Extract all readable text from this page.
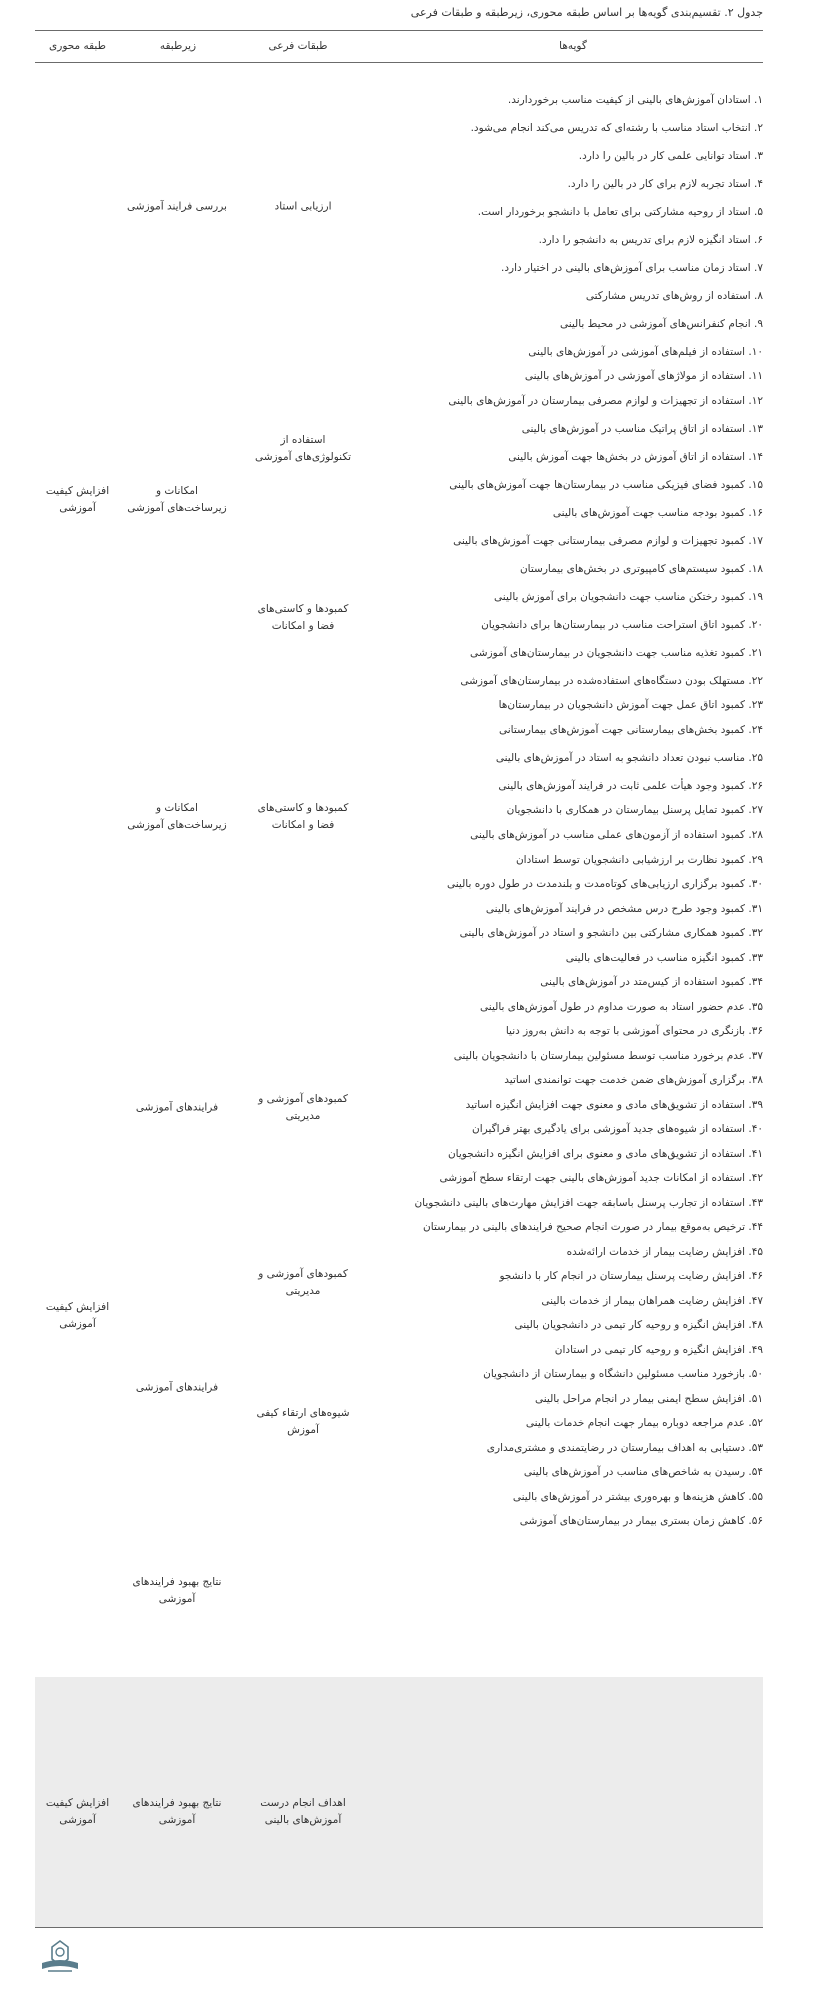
جدول ۲. تقسیم‌بندی گویه‌ها بر اساس طبقه محوری، زیرطبقه و طبقات فرعی
گویه‌ها
طبقات فرعی
زیرطبقه
طبقه محوری
افزایش کیفیت آموزشی
افزایش کیفیت آموزشی
افزایش کیفیت آموزشی
بررسی فرایند آموزشی
امکانات و زیرساخت‌های آموزشی
امکانات و زیرساخت‌های آموزشی
فرایندهای آموزشی
فرایندهای آموزشی
نتایج بهبود فرایندهای آموزشی
نتایج بهبود فرایندهای آموزشی
ارزیابی استاد
استفاده از تکنولوژی‌های آموزشی
کمبودها و کاستی‌های فضا و امکانات
کمبودها و کاستی‌های فضا و امکانات
کمبودهای آموزشی و مدیریتی
کمبودهای آموزشی و مدیریتی
شیوه‌های ارتقاء کیفی آموزش
اهداف انجام درست آموزش‌های بالینی
۱. استادان آموزش‌های بالینی از کیفیت مناسب برخوردارند.
۲. انتخاب استاد مناسب با رشته‌ای که تدریس می‌کند انجام می‌شود.
۳. استاد توانایی علمی کار در بالین را دارد.
۴. استاد تجربه لازم برای کار در بالین را دارد.
۵. استاد از روحیه مشارکتی برای تعامل با دانشجو برخوردار است.
۶. استاد انگیزه لازم برای تدریس به دانشجو را دارد.
۷. استاد زمان مناسب برای آموزش‌های بالینی در اختیار دارد.
۸. استفاده از روش‌های تدریس مشارکتی
۹. انجام کنفرانس‌های آموزشی در محیط بالینی
۱۰. استفاده از فیلم‌های آموزشی در آموزش‌های بالینی
۱۱. استفاده از مولاژهای آموزشی در آموزش‌های بالینی
۱۲. استفاده از تجهیزات و لوازم مصرفی بیمارستان در آموزش‌های بالینی
۱۳. استفاده از اتاق پراتیک مناسب در آموزش‌های بالینی
۱۴. استفاده از اتاق آموزش در بخش‌ها جهت آموزش بالینی
۱۵. کمبود فضای فیزیکی مناسب در بیمارستان‌ها جهت آموزش‌های بالینی
۱۶. کمبود بودجه مناسب جهت آموزش‌های بالینی
۱۷. کمبود تجهیزات و لوازم مصرفی بیمارستانی جهت آموزش‌های بالینی
۱۸. کمبود سیستم‌های کامپیوتری در بخش‌های بیمارستان
۱۹. کمبود رختکن مناسب جهت دانشجویان برای آموزش بالینی
۲۰. کمبود اتاق استراحت مناسب در بیمارستان‌ها برای دانشجویان
۲۱. کمبود تغذیه مناسب جهت دانشجویان در بیمارستان‌های آموزشی
۲۲. مستهلک بودن دستگاه‌های استفاده‌شده در بیمارستان‌های آموزشی
۲۳. کمبود اتاق عمل جهت آموزش دانشجویان در بیمارستان‌ها
۲۴. کمبود بخش‌های بیمارستانی جهت آموزش‌های بیمارستانی
۲۵. مناسب نبودن تعداد دانشجو به استاد در آموزش‌های بالینی
۲۶. کمبود وجود هیأت علمی ثابت در فرایند آموزش‌های بالینی
۲۷. کمبود تمایل پرسنل بیمارستان در همکاری با دانشجویان
۲۸. کمبود استفاده از آزمون‌های عملی مناسب در آموزش‌های بالینی
۲۹. کمبود نظارت بر ارزشیابی دانشجویان توسط استادان
۳۰. کمبود برگزاری ارزیابی‌های کوتاه‌مدت و بلندمدت در طول دوره بالینی
۳۱. کمبود وجود طرح درس مشخص در فرایند آموزش‌های بالینی
۳۲. کمبود همکاری مشارکتی بین دانشجو و استاد در آموزش‌های بالینی
۳۳. کمبود انگیزه مناسب در فعالیت‌های بالینی
۳۴. کمبود استفاده از کیس‌متد در آموزش‌های بالینی
۳۵. عدم حضور استاد به صورت مداوم در طول آموزش‌های بالینی
۳۶. بازنگری در محتوای آموزشی با توجه به دانش به‌روز دنیا
۳۷. عدم برخورد مناسب توسط مسئولین بیمارستان با دانشجویان بالینی
۳۸. برگزاری آموزش‌های ضمن خدمت جهت توانمندی اساتید
۳۹. استفاده از تشویق‌های مادی و معنوی جهت افزایش انگیزه اساتید
۴۰. استفاده از شیوه‌های جدید آموزشی برای یادگیری بهتر فراگیران
۴۱. استفاده از تشویق‌های مادی و معنوی برای افزایش انگیزه دانشجویان
۴۲. استفاده از امکانات جدید آموزش‌های بالینی جهت ارتقاء سطح آموزشی
۴۳. استفاده از تجارب پرسنل باسابقه جهت افزایش مهارت‌های بالینی دانشجویان
۴۴. ترخیص به‌موقع بیمار در صورت انجام صحیح فرایندهای بالینی در بیمارستان
۴۵. افزایش رضایت بیمار از خدمات ارائه‌شده
۴۶. افزایش رضایت پرسنل بیمارستان در انجام کار با دانشجو
۴۷. افزایش رضایت همراهان بیمار از خدمات بالینی
۴۸. افزایش انگیزه و روحیه کار تیمی در دانشجویان بالینی
۴۹. افزایش انگیزه و روحیه کار تیمی در استادان
۵۰. بازخورد مناسب مسئولین دانشگاه و بیمارستان از دانشجویان
۵۱. افزایش سطح ایمنی بیمار در انجام مراحل بالینی
۵۲. عدم مراجعه دوباره بیمار جهت انجام خدمات بالینی
۵۳. دستیابی به اهداف بیمارستان در رضایتمندی و مشتری‌مداری
۵۴. رسیدن به شاخص‌های مناسب در آموزش‌های بالینی
۵۵. کاهش هزینه‌ها و بهره‌وری بیشتر در آموزش‌های بالینی
۵۶. کاهش زمان بستری بیمار در بیمارستان‌های آموزشی
